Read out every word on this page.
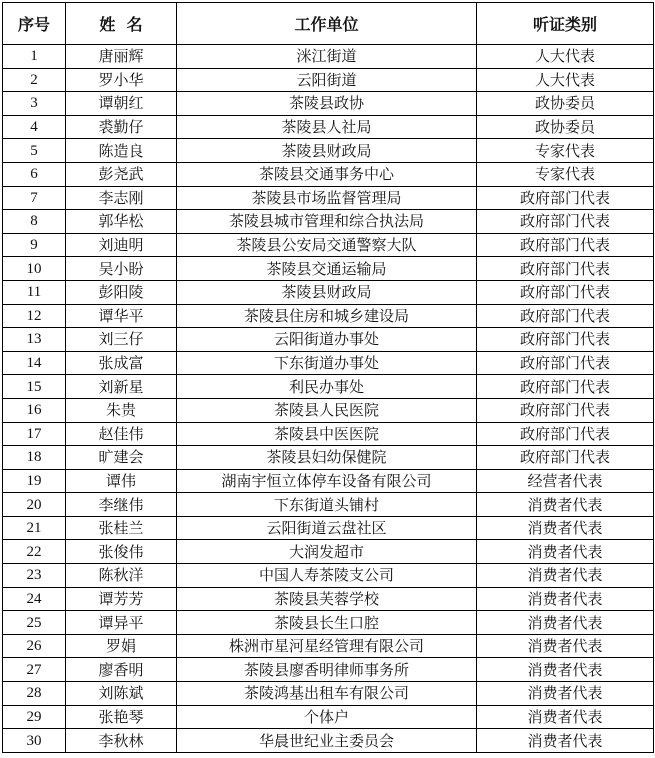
序号	姓  名	工作单位	听证类别
1	唐丽辉	洣江街道	人大代表
2	罗小华	云阳街道	人大代表
3	谭朝红	茶陵县政协	政协委员
4	裘勤仔	茶陵县人社局	政协委员
5	陈造良	茶陵县财政局	专家代表
6	彭尧武	茶陵县交通事务中心	专家代表
7	李志刚	茶陵县市场监督管理局	政府部门代表
8	郭华松	茶陵县城市管理和综合执法局	政府部门代表
9	刘迪明	茶陵县公安局交通警察大队	政府部门代表
10	吴小盼	茶陵县交通运输局	政府部门代表
11	彭阳陵	茶陵县财政局	政府部门代表
12	谭华平	茶陵县住房和城乡建设局	政府部门代表
13	刘三仔	云阳街道办事处	政府部门代表
14	张成富	下东街道办事处	政府部门代表
15	刘新星	利民办事处	政府部门代表
16	朱贵	茶陵县人民医院	政府部门代表
17	赵佳伟	茶陵县中医医院	政府部门代表
18	旷建会	茶陵县妇幼保健院	政府部门代表
19	谭伟	湖南宇恒立体停车设备有限公司	经营者代表
20	李继伟	下东街道头铺村	消费者代表
21	张桂兰	云阳街道云盘社区	消费者代表
22	张俊伟	大润发超市	消费者代表
23	陈秋洋	中国人寿茶陵支公司	消费者代表
24	谭芳芳	茶陵县芙蓉学校	消费者代表
25	谭异平	茶陵县长生口腔	消费者代表
26	罗娟	株洲市星河星经管理有限公司	消费者代表
27	廖香明	茶陵县廖香明律师事务所	消费者代表
28	刘陈斌	茶陵鸿基出租车有限公司	消费者代表
29	张艳琴	个体户	消费者代表
30	李秋林	华晨世纪业主委员会	消费者代表
